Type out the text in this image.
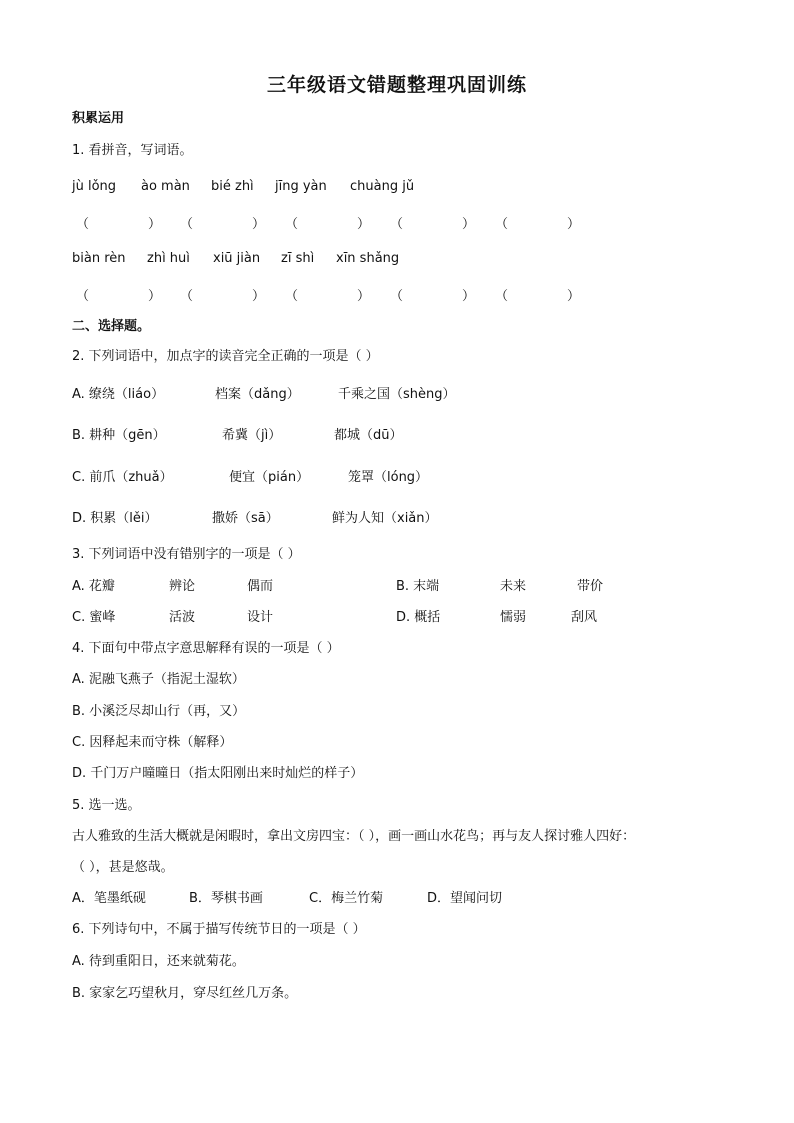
三年级语文错题整理巩固训练
积累运用
1. 看拼音，写词语。
jù lǒng ào màn bié zhì jīng yàn chuàng jǔ
（	） （	） （	） （	） （	）
biàn rèn zhì huì xiū jiàn zī shì xīn shǎng
（	） （	） （	） （	） （	）
二、选择题。
2. 下列词语中，加点字的读音完全正确的一项是（ ）
A. 缭绕（liáo）	档案（dǎng）	千乘之国（shèng）
B. 耕种（gēn）	希冀（jì）	都城（dū）
C. 前爪（zhuǎ）	便宜（pián）	笼罩（lóng）
D. 积累（lěi）	撒娇（sā）	鲜为人知（xiǎn）
3. 下列词语中没有错别字的一项是（ ）
A. 花瓣	辨论	偶而	B. 末端	未来	带价
C. 蜜峰	活波	设计	D. 概括	懦弱	刮风
4. 下面句中带点字意思解释有误的一项是（ ）
A. 泥融飞燕子（指泥土湿软）
B. 小溪泛尽却山行（再，又）
C. 因释起耒而守株（解释）
D. 千门万户曈曈日（指太阳刚出来时灿烂的样子）
5. 选一选。
古人雅致的生活大概就是闲暇时，拿出文房四宝：（ ），画一画山水花鸟；再与友人探讨雅人四好：
（ ），甚是悠哉。
A．笔墨纸砚	B．琴棋书画	C．梅兰竹菊	D．望闻问切
6. 下列诗句中，不属于描写传统节日的一项是（ ）
A. 待到重阳日，还来就菊花。
B. 家家乞巧望秋月，穿尽红丝几万条。
